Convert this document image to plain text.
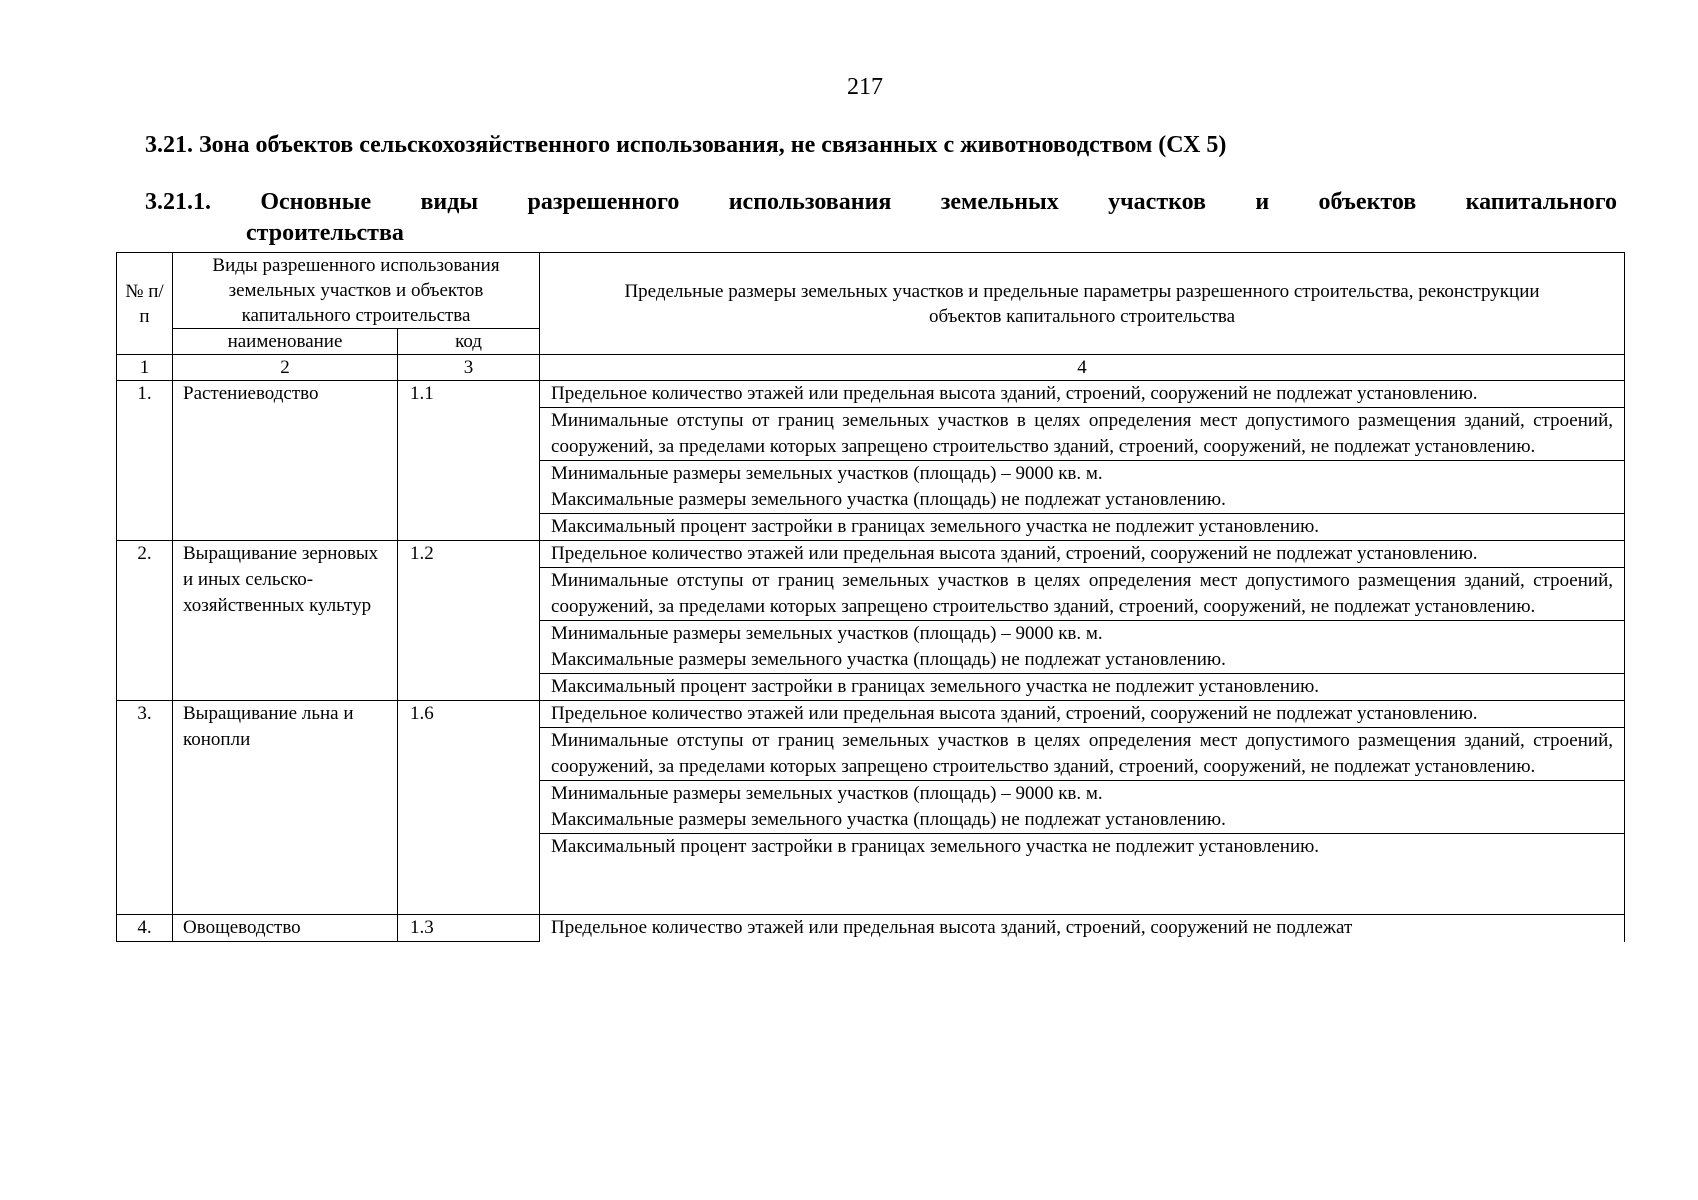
217
3.21. Зона объектов сельскохозяйственного использования, не связанных с животноводством (СХ 5)
3.21.1. Основные виды разрешенного использования земельных участков и объектов капитального
строительства
№ п/п	Виды разрешенного использования земельных участков и объектов капитального строительства		Предельные размеры земельных участков и предельные параметры разрешенного строительства, реконструкции объектов капитального строительства
	наименование	код	
1	2	3	4
1.	Растениеводство	1.1	Предельное количество этажей или предельная высота зданий, строений, сооружений не подлежат установлению.
			Минимальные отступы от границ земельных участков в целях определения мест допустимого размещения зданий, строений, сооружений, за пределами которых запрещено строительство зданий, строений, сооружений, не подлежат установлению.
			Минимальные размеры земельных участков (площадь) – 9000 кв. м.
Максимальные размеры земельного участка (площадь) не подлежат установлению.
			Максимальный процент застройки в границах земельного участка не подлежит установлению.
2.	Выращивание зерновых и иных сельско-хозяйственных культур	1.2	Предельное количество этажей или предельная высота зданий, строений, сооружений не подлежат установлению.
			Минимальные отступы от границ земельных участков в целях определения мест допустимого размещения зданий, строений, сооружений, за пределами которых запрещено строительство зданий, строений, сооружений, не подлежат установлению.
			Минимальные размеры земельных участков (площадь) – 9000 кв. м.
Максимальные размеры земельного участка (площадь) не подлежат установлению.
			Максимальный процент застройки в границах земельного участка не подлежит установлению.
3.	Выращивание льна и конопли	1.6	Предельное количество этажей или предельная высота зданий, строений, сооружений не подлежат установлению.
			Минимальные отступы от границ земельных участков в целях определения мест допустимого размещения зданий, строений, сооружений, за пределами которых запрещено строительство зданий, строений, сооружений, не подлежат установлению.
			Минимальные размеры земельных участков (площадь) – 9000 кв. м.
Максимальные размеры земельного участка (площадь) не подлежат установлению.
			Максимальный процент застройки в границах земельного участка не подлежит установлению.
4.	Овощеводство	1.3	Предельное количество этажей или предельная высота зданий, строений, сооружений не подлежат
